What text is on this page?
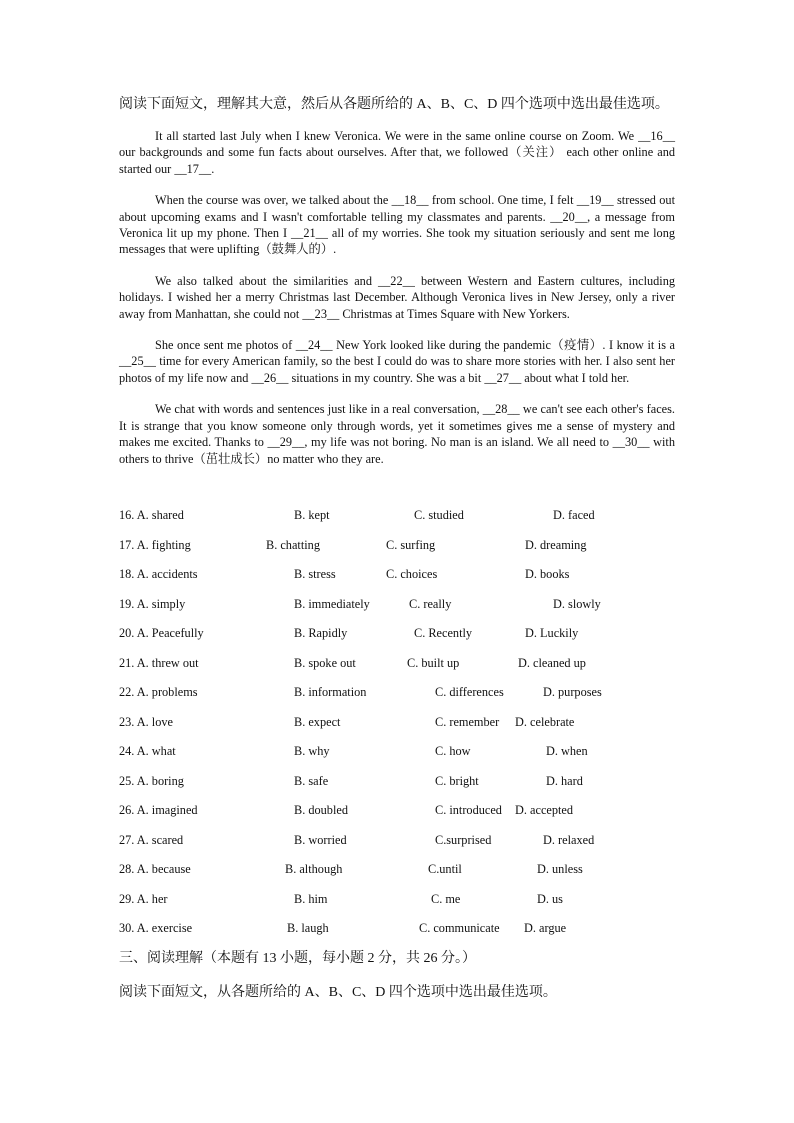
阅读下面短文，理解其大意，然后从各题所给的 A、B、C、D 四个选项中选出最佳选项。

It all started last July when I knew Veronica. We were in the same online course on Zoom. We __16__ our backgrounds and some fun facts about ourselves. After that, we followed（关注） each other online and started our __17__.

When the course was over, we talked about the __18__ from school. One time, I felt __19__ stressed out about upcoming exams and I wasn't comfortable telling my classmates and parents. __20__, a message from Veronica lit up my phone. Then I __21__ all of my worries. She took my situation seriously and sent me long messages that were uplifting（鼓舞人的）.

We also talked about the similarities and __22__ between Western and Eastern cultures, including holidays. I wished her a merry Christmas last December. Although Veronica lives in New Jersey, only a river away from Manhattan, she could not __23__ Christmas at Times Square with New Yorkers.

She once sent me photos of __24__ New York looked like during the pandemic（疫情）. I know it is a __25__ time for every American family, so the best I could do was to share more stories with her. I also sent her photos of my life now and __26__ situations in my country. She was a bit __27__ about what I told her.

We chat with words and sentences just like in a real conversation, __28__ we can't see each other's faces. It is strange that you know someone only through words, yet it sometimes gives me a sense of mystery and makes me excited. Thanks to __29__, my life was not boring. No man is an island. We all need to __30__ with others to thrive（茁壮成长）no matter who they are.

16. A. shared	B. kept	C. studied	D. faced
17. A. fighting	B. chatting	C. surfing	D. dreaming
18. A. accidents	B. stress	C. choices	D. books
19. A. simply	B. immediately	C. really	D. slowly
20. A. Peacefully	B. Rapidly	C. Recently	D. Luckily
21. A. threw out	B. spoke out	C. built up	D. cleaned up
22. A. problems	B. information	C. differences	D. purposes
23. A. love	B. expect	C. remember D. celebrate
24. A. what	B. why	C. how	D. when
25. A. boring	B. safe	C. bright	D. hard
26. A. imagined	B. doubled	C. introduced D. accepted
27. A. scared	B. worried	C.surprised	D. relaxed
28. A. because	B. although	C.until	D. unless
29. A. her	B. him	C. me	D. us
30. A. exercise	B. laugh	C. communicate D. argue
三、阅读理解（本题有 13 小题，每小题 2 分，共 26 分。）
阅读下面短文，从各题所给的 A、B、C、D 四个选项中选出最佳选项。
